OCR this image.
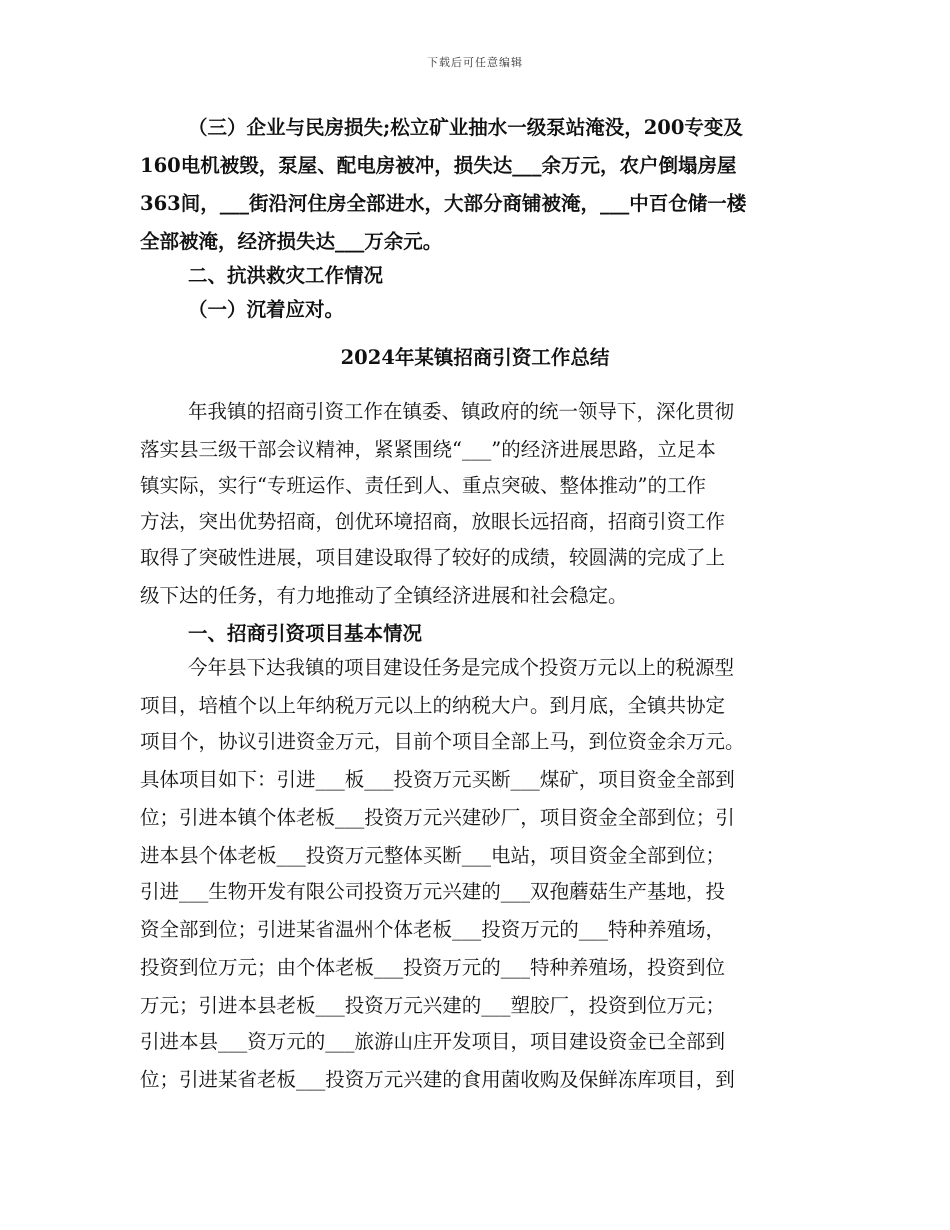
下载后可任意编辑
（三）企业与民房损失;松立矿业抽水一级泵站淹没，200专变及
160电机被毁，泵屋、配电房被冲，损失达___余万元，农户倒塌房屋
363间，___街沿河住房全部进水，大部分商铺被淹，___中百仓储一楼
全部被淹，经济损失达___万余元。
二、抗洪救灾工作情况
（一）沉着应对。
2024年某镇招商引资工作总结
年我镇的招商引资工作在镇委、镇政府的统一领导下，深化贯彻
落实县三级干部会议精神，紧紧围绕“___”的经济进展思路，立足本
镇实际，实行“专班运作、责任到人、重点突破、整体推动”的工作
方法，突出优势招商，创优环境招商，放眼长远招商，招商引资工作
取得了突破性进展，项目建设取得了较好的成绩，较圆满的完成了上
级下达的任务，有力地推动了全镇经济进展和社会稳定。
一、招商引资项目基本情况
今年县下达我镇的项目建设任务是完成个投资万元以上的税源型
项目，培植个以上年纳税万元以上的纳税大户。到月底，全镇共协定
项目个，协议引进资金万元，目前个项目全部上马，到位资金余万元。
具体项目如下：引进___板___投资万元买断___煤矿，项目资金全部到
位；引进本镇个体老板___投资万元兴建砂厂，项目资金全部到位；引
进本县个体老板___投资万元整体买断___电站，项目资金全部到位；
引进___生物开发有限公司投资万元兴建的___双孢蘑菇生产基地，投
资全部到位；引进某省温州个体老板___投资万元的___特种养殖场，
投资到位万元；由个体老板___投资万元的___特种养殖场，投资到位
万元；引进本县老板___投资万元兴建的___塑胶厂，投资到位万元；
引进本县___资万元的___旅游山庄开发项目，项目建设资金已全部到
位；引进某省老板___投资万元兴建的食用菌收购及保鲜冻库项目，到
